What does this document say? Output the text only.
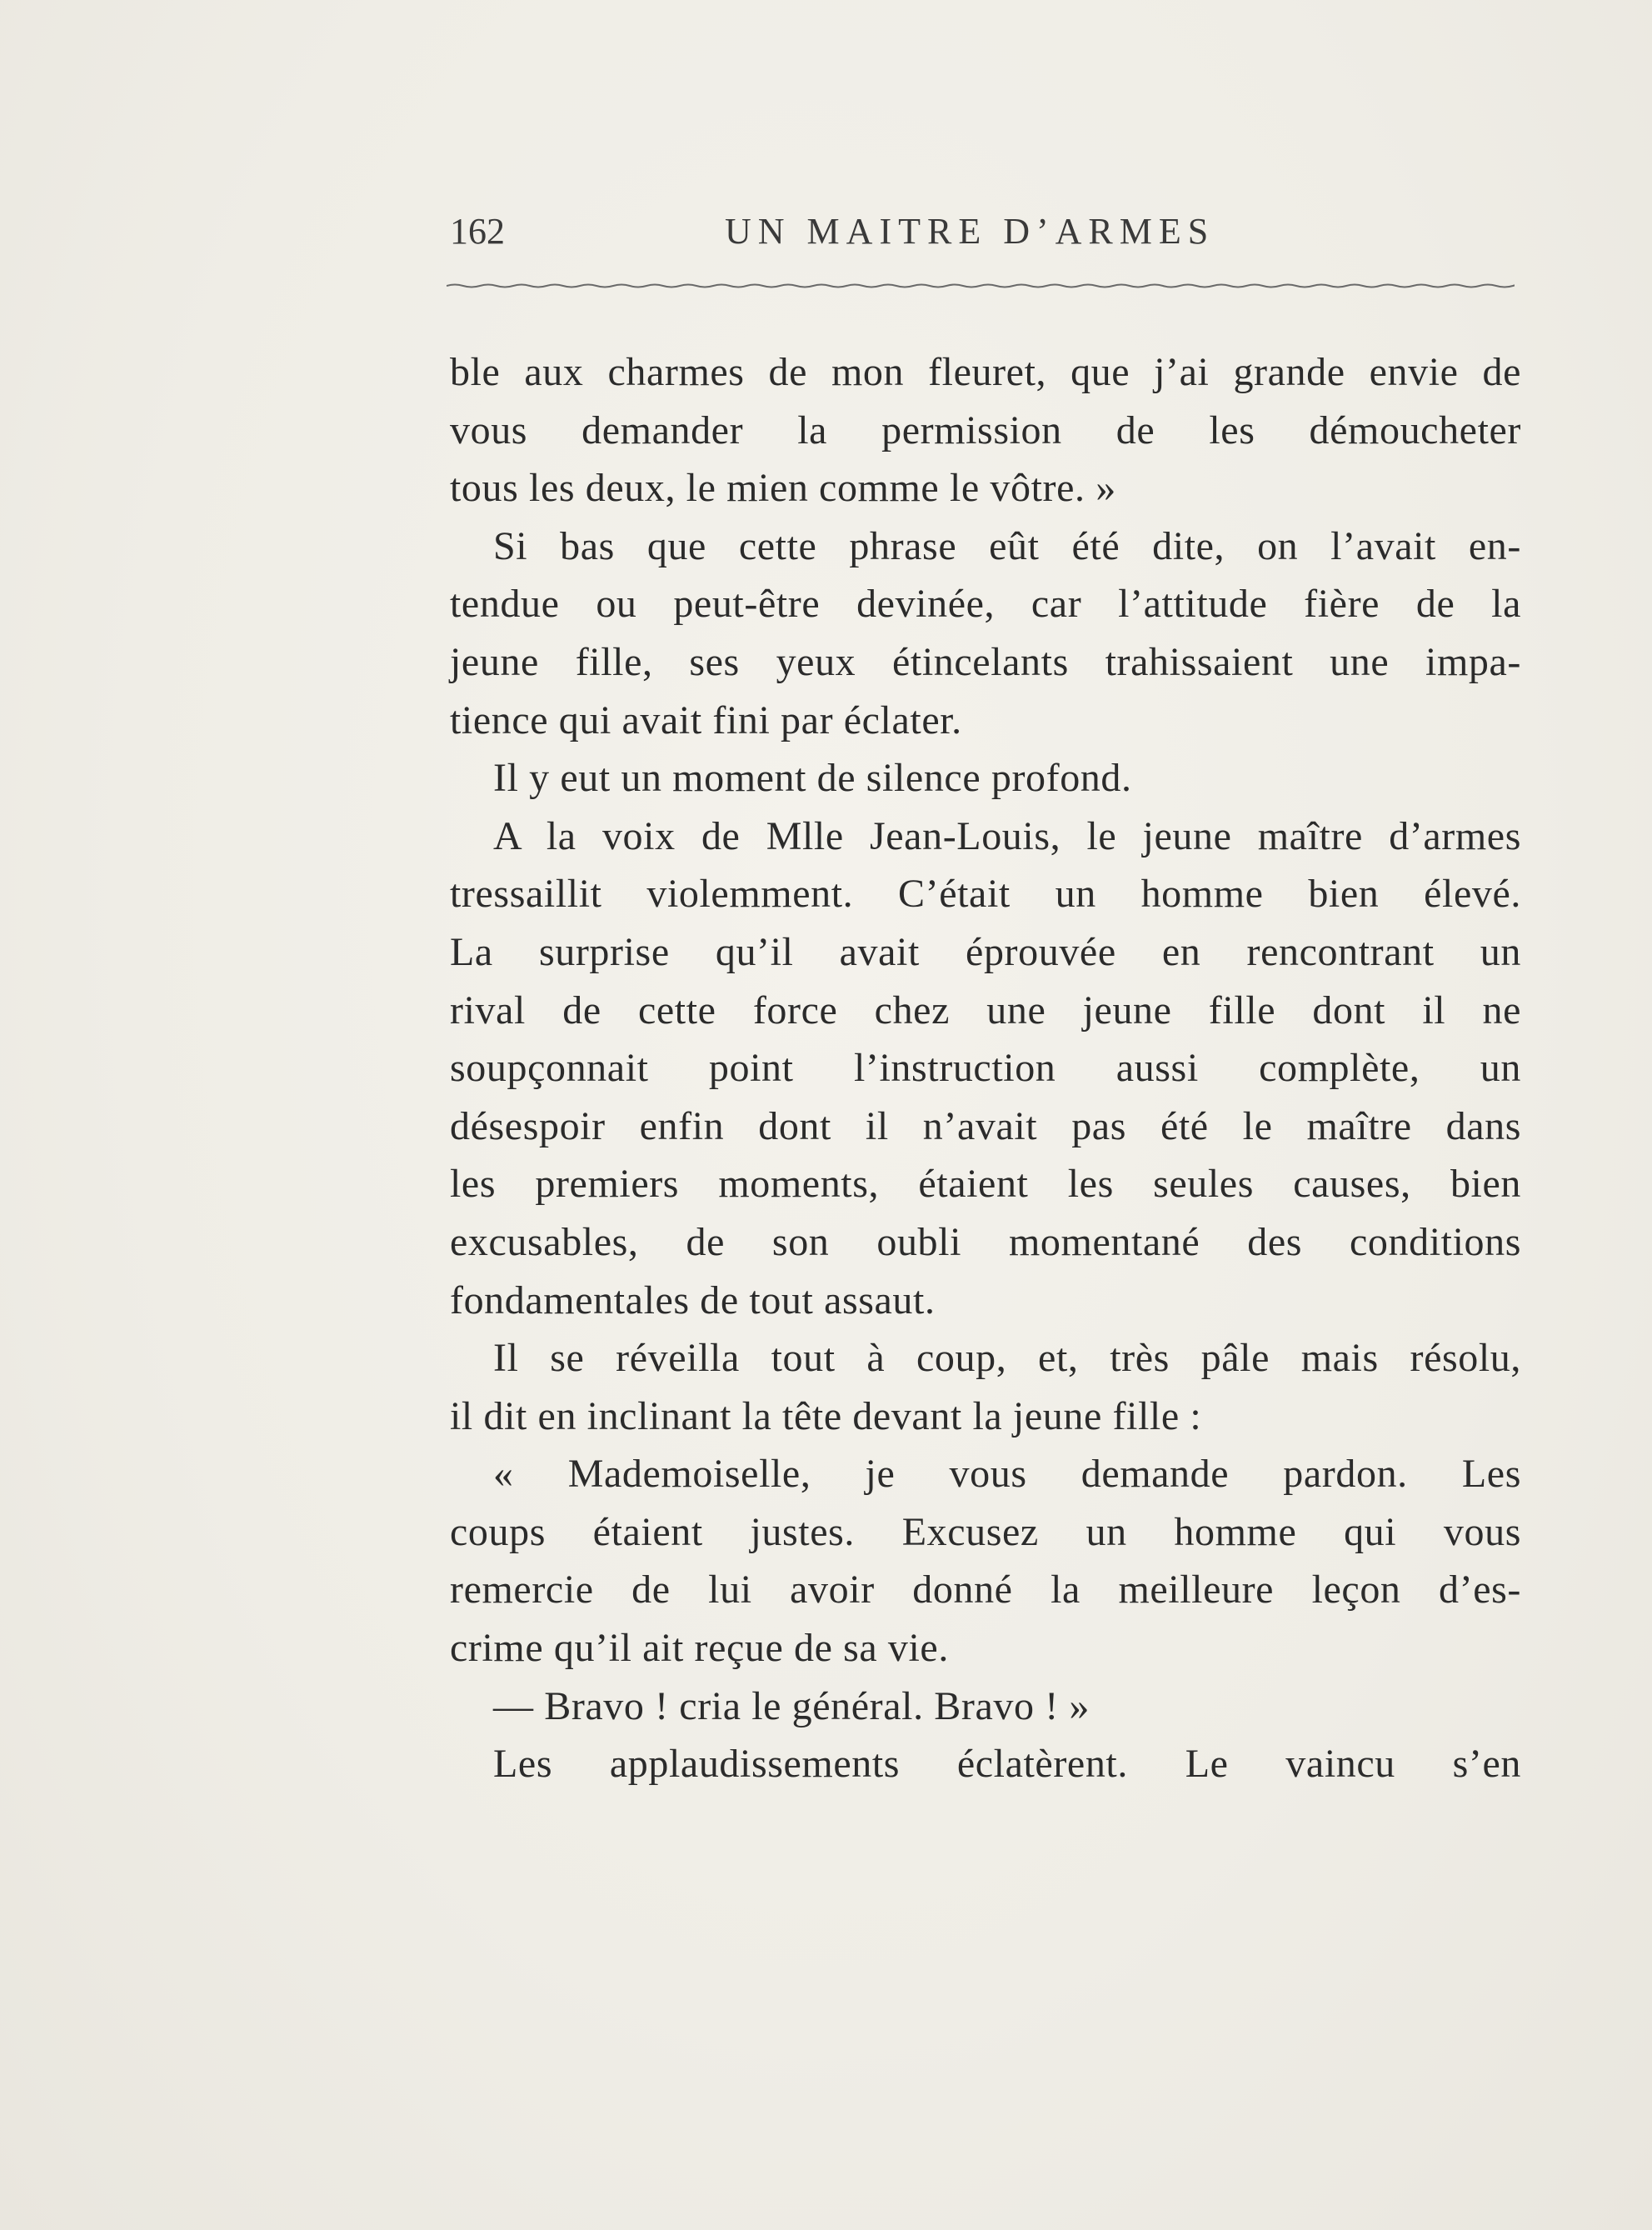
162	UN MAITRE D’ARMES
ble aux charmes de mon fleuret, que j’ai grande envie de
vous demander la permission de les démoucheter
tous les deux, le mien comme le vôtre. »
Si bas que cette phrase eût été dite, on l’avait en-
tendue ou peut-être devinée, car l’attitude fière de la
jeune fille, ses yeux étincelants trahissaient une impa-
tience qui avait fini par éclater.
Il y eut un moment de silence profond.
A la voix de Mlle Jean-Louis, le jeune maître d’armes
tressaillit violemment. C’était un homme bien élevé.
La surprise qu’il avait éprouvée en rencontrant un
rival de cette force chez une jeune fille dont il ne
soupçonnait point l’instruction aussi complète, un
désespoir enfin dont il n’avait pas été le maître dans
les premiers moments, étaient les seules causes, bien
excusables, de son oubli momentané des conditions
fondamentales de tout assaut.
Il se réveilla tout à coup, et, très pâle mais résolu,
il dit en inclinant la tête devant la jeune fille :
« Mademoiselle, je vous demande pardon. Les
coups étaient justes. Excusez un homme qui vous
remercie de lui avoir donné la meilleure leçon d’es-
crime qu’il ait reçue de sa vie.
— Bravo ! cria le général. Bravo ! »
Les applaudissements éclatèrent. Le vaincu s’en
